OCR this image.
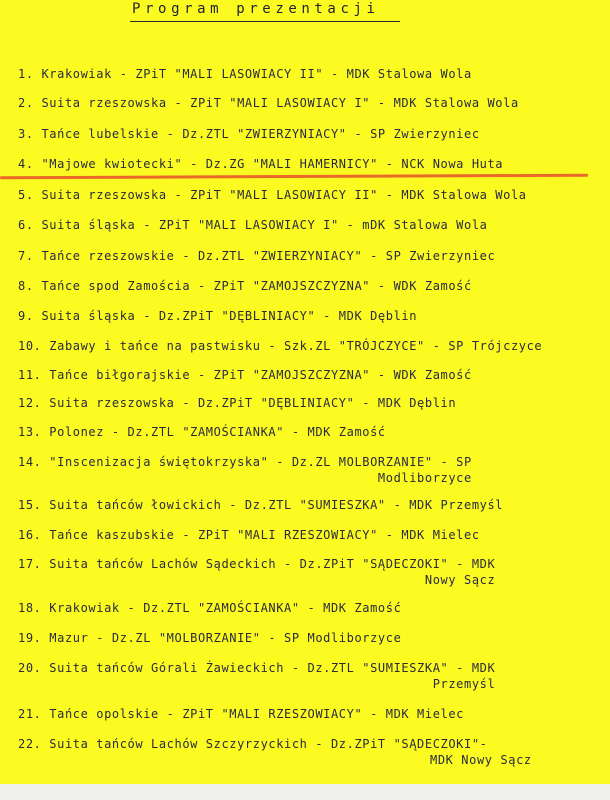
Program prezentacji
1. Krakowiak - ZPiT "MALI LASOWIACY II" - MDK Stalowa Wola
2. Suita rzeszowska - ZPiT "MALI LASOWIACY I" - MDK Stalowa Wola
3. Tańce lubelskie - Dz.ZTL "ZWIERZYNIACY" - SP Zwierzyniec
4. "Majowe kwiotecki" - Dz.ZG "MALI HAMERNICY" - NCK Nowa Huta
5. Suita rzeszowska - ZPiT "MALI LASOWIACY II" - MDK Stalowa Wola
6. Suita śląska - ZPiT "MALI LASOWIACY I" - mDK Stalowa Wola
7. Tańce rzeszowskie - Dz.ZTL "ZWIERZYNIACY" - SP Zwierzyniec
8. Tańce spod Zamościa - ZPiT "ZAMOJSZCZYZNA" - WDK Zamość
9. Suita śląska - Dz.ZPiT "DĘBLINIACY" - MDK Dęblin
10. Zabawy i tańce na pastwisku - Szk.ZL "TRÓJCZYCE" - SP Trójczyce
11. Tańce biłgorajskie - ZPiT "ZAMOJSZCZYZNA" - WDK Zamość
12. Suita rzeszowska - Dz.ZPiT "DĘBLINIACY" - MDK Dęblin
13. Polonez - Dz.ZTL "ZAMOŚCIANKA" - MDK Zamość
14. "Inscenizacja świętokrzyska" - Dz.ZL MOLBORZANIE" - SP
Modliborzyce
15. Suita tańców łowickich - Dz.ZTL "SUMIESZKA" - MDK Przemyśl
16. Tańce kaszubskie - ZPiT "MALI RZESZOWIACY" - MDK Mielec
17. Suita tańców Lachów Sądeckich - Dz.ZPiT "SĄDECZOKI" - MDK
Nowy Sącz
18. Krakowiak - Dz.ZTL "ZAMOŚCIANKA" - MDK Zamość
19. Mazur - Dz.ZL "MOLBORZANIE" - SP Modliborzyce
20. Suita tańców Górali Żawieckich - Dz.ZTL "SUMIESZKA" - MDK
Przemyśl
21. Tańce opolskie - ZPiT "MALI RZESZOWIACY" - MDK Mielec
22. Suita tańców Lachów Szczyrzyckich - Dz.ZPiT "SĄDECZOKI"-
MDK Nowy Sącz
